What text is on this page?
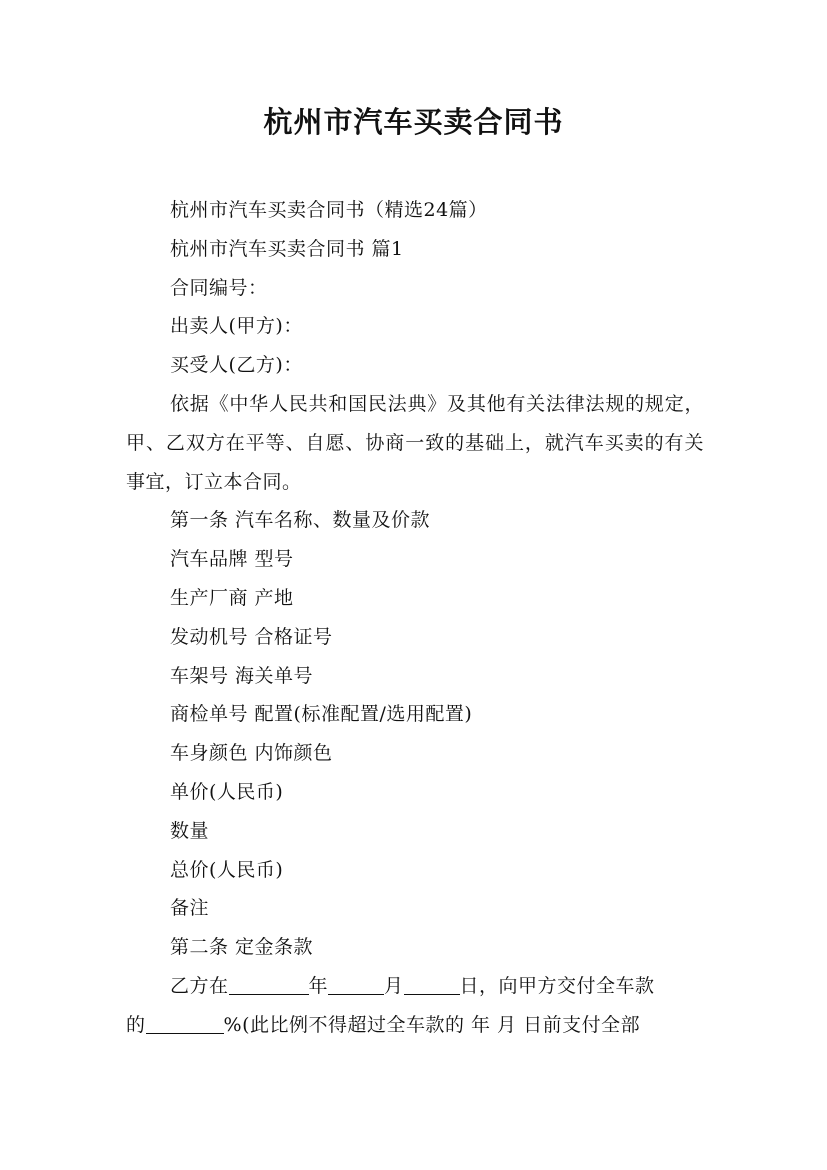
杭州市汽车买卖合同书

杭州市汽车买卖合同书（精选24篇）

杭州市汽车买卖合同书 篇1

合同编号：

出卖人(甲方)：

买受人(乙方)：

依据《中华人民共和国民法典》及其他有关法律法规的规定，甲、乙双方在平等、自愿、协商一致的基础上，就汽车买卖的有关事宜，订立本合同。

第一条 汽车名称、数量及价款

汽车品牌 型号

生产厂商 产地

发动机号 合格证号

车架号 海关单号

商检单号 配置(标准配置/选用配置)

车身颜色 内饰颜色

单价(人民币)

数量

总价(人民币)

备注

第二条 定金条款

乙方在	年	月	日，向甲方交付全车款

的	%(此比例不得超过全车款的 年 月 日前支付全部
